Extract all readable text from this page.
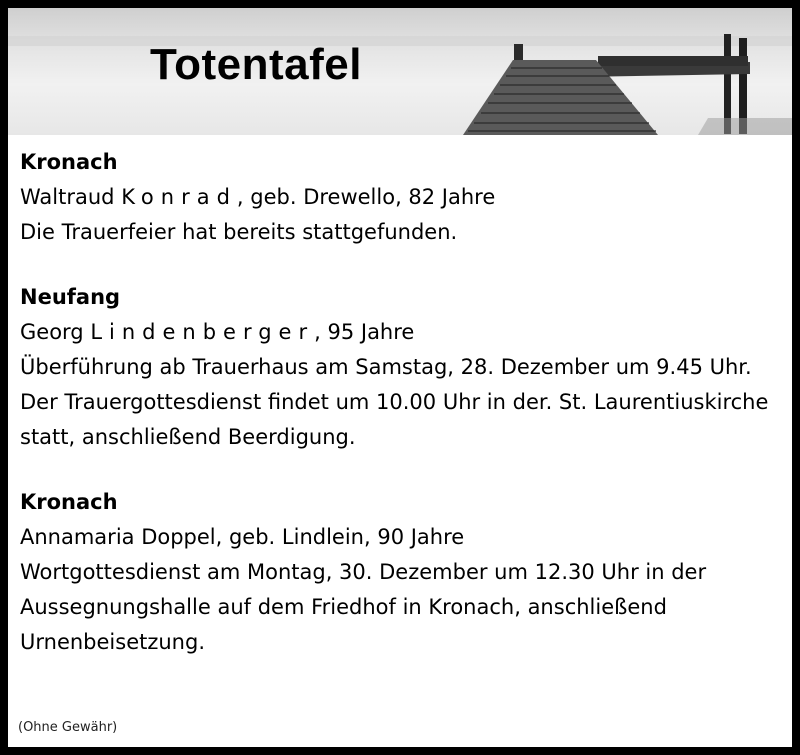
Totentafel
Kronach
Waltraud Konrad, geb. Drewello, 82 Jahre
Die Trauerfeier hat bereits stattgefunden.
Neufang
Georg Lindenberger, 95 Jahre
Überführung ab Trauerhaus am Samstag, 28. Dezember um 9.45 Uhr. Der Trauergottesdienst findet um 10.00 Uhr in der. St. Laurentiuskirche statt, anschließend Beerdigung.
Kronach
Annamaria Doppel, geb. Lindlein, 90 Jahre
Wortgottesdienst am Montag, 30. Dezember um 12.30 Uhr in der Aussegnungshalle auf dem Friedhof in Kronach, anschließend Urnenbeisetzung.
(Ohne Gewähr)
